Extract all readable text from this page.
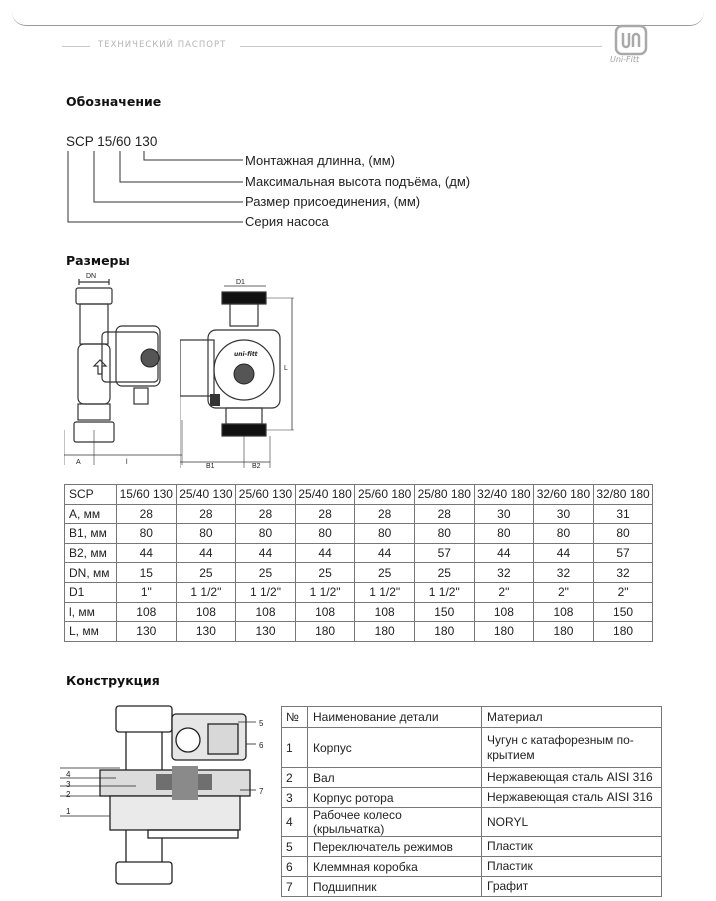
ТЕХНИЧЕСКИЙ ПАСПОРТ
Uni-Fitt
Обозначение
SCP 15/60 130
Монтажная длинна, (мм)
Максимальная высота подъёма, (дм)
Размер присоединения, (мм)
Серия насоса
Размеры
DN
A	l
uni-fitt
D1
B1	B2
L
SCP	15/60 130	25/40 130	25/60 130	25/40 180	25/60 180	25/80 180	32/40 180	32/60 180	32/80 180
A, мм	28	28	28	28	28	28	30	30	31
B1, мм	80	80	80	80	80	80	80	80	80
B2, мм	44	44	44	44	44	57	44	44	57
DN, мм	15	25	25	25	25	25	32	32	32
D1	1"	1 1/2"	1 1/2"	1 1/2"	1 1/2"	1 1/2"	2"	2"	2"
l, мм	108	108	108	108	108	150	108	108	150
L, мм	130	130	130	180	180	180	180	180	180
Конструкция
4
3
2
1
5
6
7
№	Наименование детали	Материал
1	Корпус	Чугун с катафорезным по-
крытием
2	Вал	Нержавеющая сталь AISI 316
3	Корпус ротора	Нержавеющая сталь AISI 316
4	Рабочее колесо (крыльчатка)	NORYL
5	Переключатель режимов	Пластик
6	Клеммная коробка	Пластик
7	Подшипник	Графит
